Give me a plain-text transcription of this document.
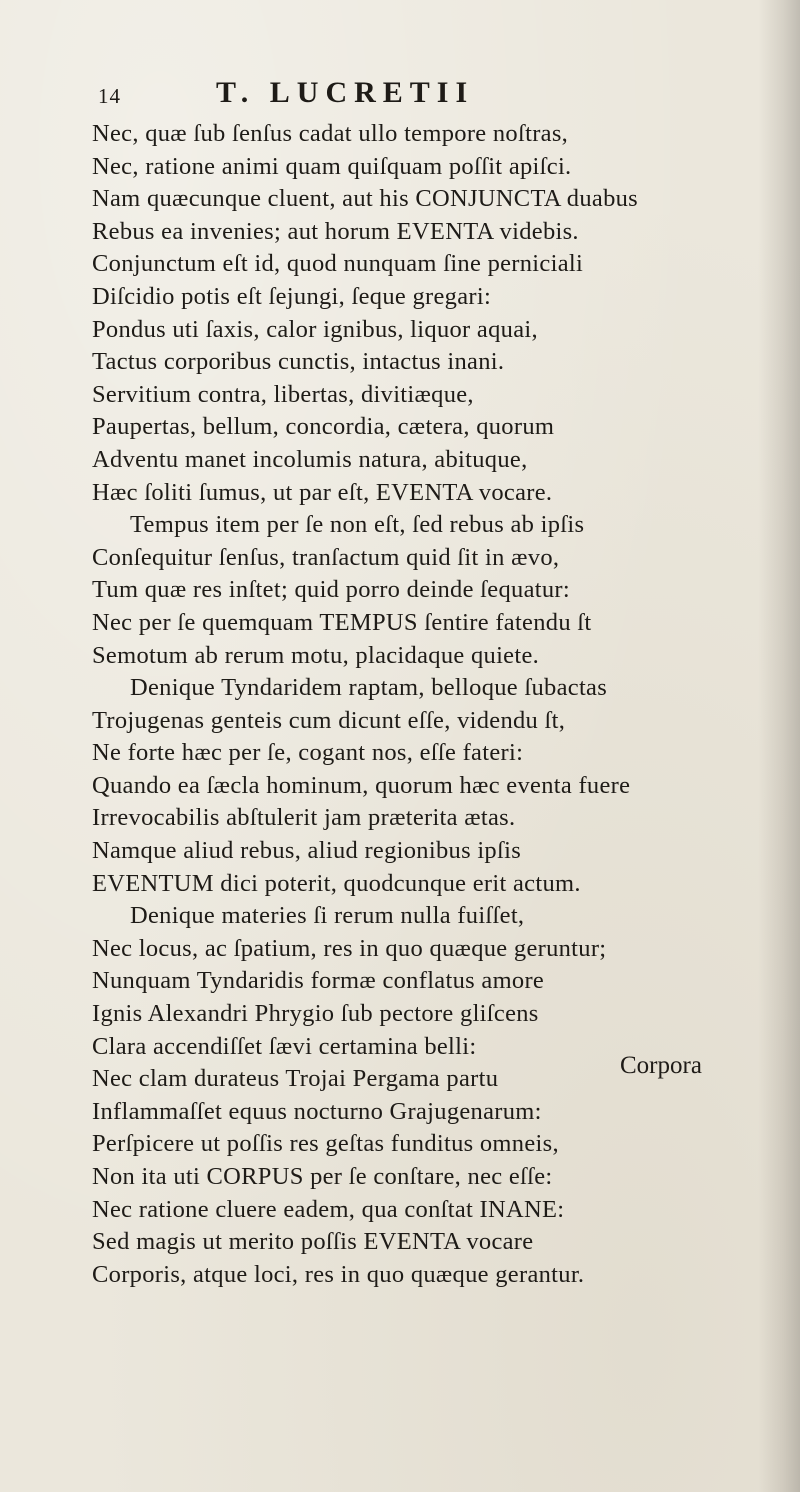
14	T. LUCRETII
Nec, quæ ſub ſenſus cadat ullo tempore noſtras,
Nec, ratione animi quam quiſquam poſſit apiſci.
Nam quæcunque cluent, aut his CONJUNCTA duabus
Rebus ea invenies; aut horum EVENTA videbis.
Conjunctum eſt id, quod nunquam ſine perniciali
Diſcidio potis eſt ſejungi, ſeque gregari:
Pondus uti ſaxis, calor ignibus, liquor aquai,
Tactus corporibus cunctis, intactus inani.
Servitium contra, libertas, divitiæque,
Paupertas, bellum, concordia, cætera, quorum
Adventu manet incolumis natura, abituque,
Hæc ſoliti ſumus, ut par eſt, EVENTA vocare.
Tempus item per ſe non eſt, ſed rebus ab ipſis
Conſequitur ſenſus, tranſactum quid ſit in ævo,
Tum quæ res inſtet; quid porro deinde ſequatur:
Nec per ſe quemquam TEMPUS ſentire fatendu ſt
Semotum ab rerum motu, placidaque quiete.
Denique Tyndaridem raptam, belloque ſubactas
Trojugenas genteis cum dicunt eſſe, videndu ſt,
Ne forte hæc per ſe, cogant nos, eſſe fateri:
Quando ea ſæcla hominum, quorum hæc eventa fuere
Irrevocabilis abſtulerit jam præterita ætas.
Namque aliud rebus, aliud regionibus ipſis
EVENTUM dici poterit, quodcunque erit actum.
Denique materies ſi rerum nulla fuiſſet,
Nec locus, ac ſpatium, res in quo quæque geruntur;
Nunquam Tyndaridis formæ conflatus amore
Ignis Alexandri Phrygio ſub pectore gliſcens
Clara accendiſſet ſævi certamina belli:
Nec clam durateus Trojai Pergama partu
Inflammaſſet equus nocturno Grajugenarum:
Perſpicere ut poſſis res geſtas funditus omneis,
Non ita uti CORPUS per ſe conſtare, nec eſſe:
Nec ratione cluere eadem, qua conſtat INANE:
Sed magis ut merito poſſis EVENTA vocare
Corporis, atque loci, res in quo quæque gerantur.
Corpora
